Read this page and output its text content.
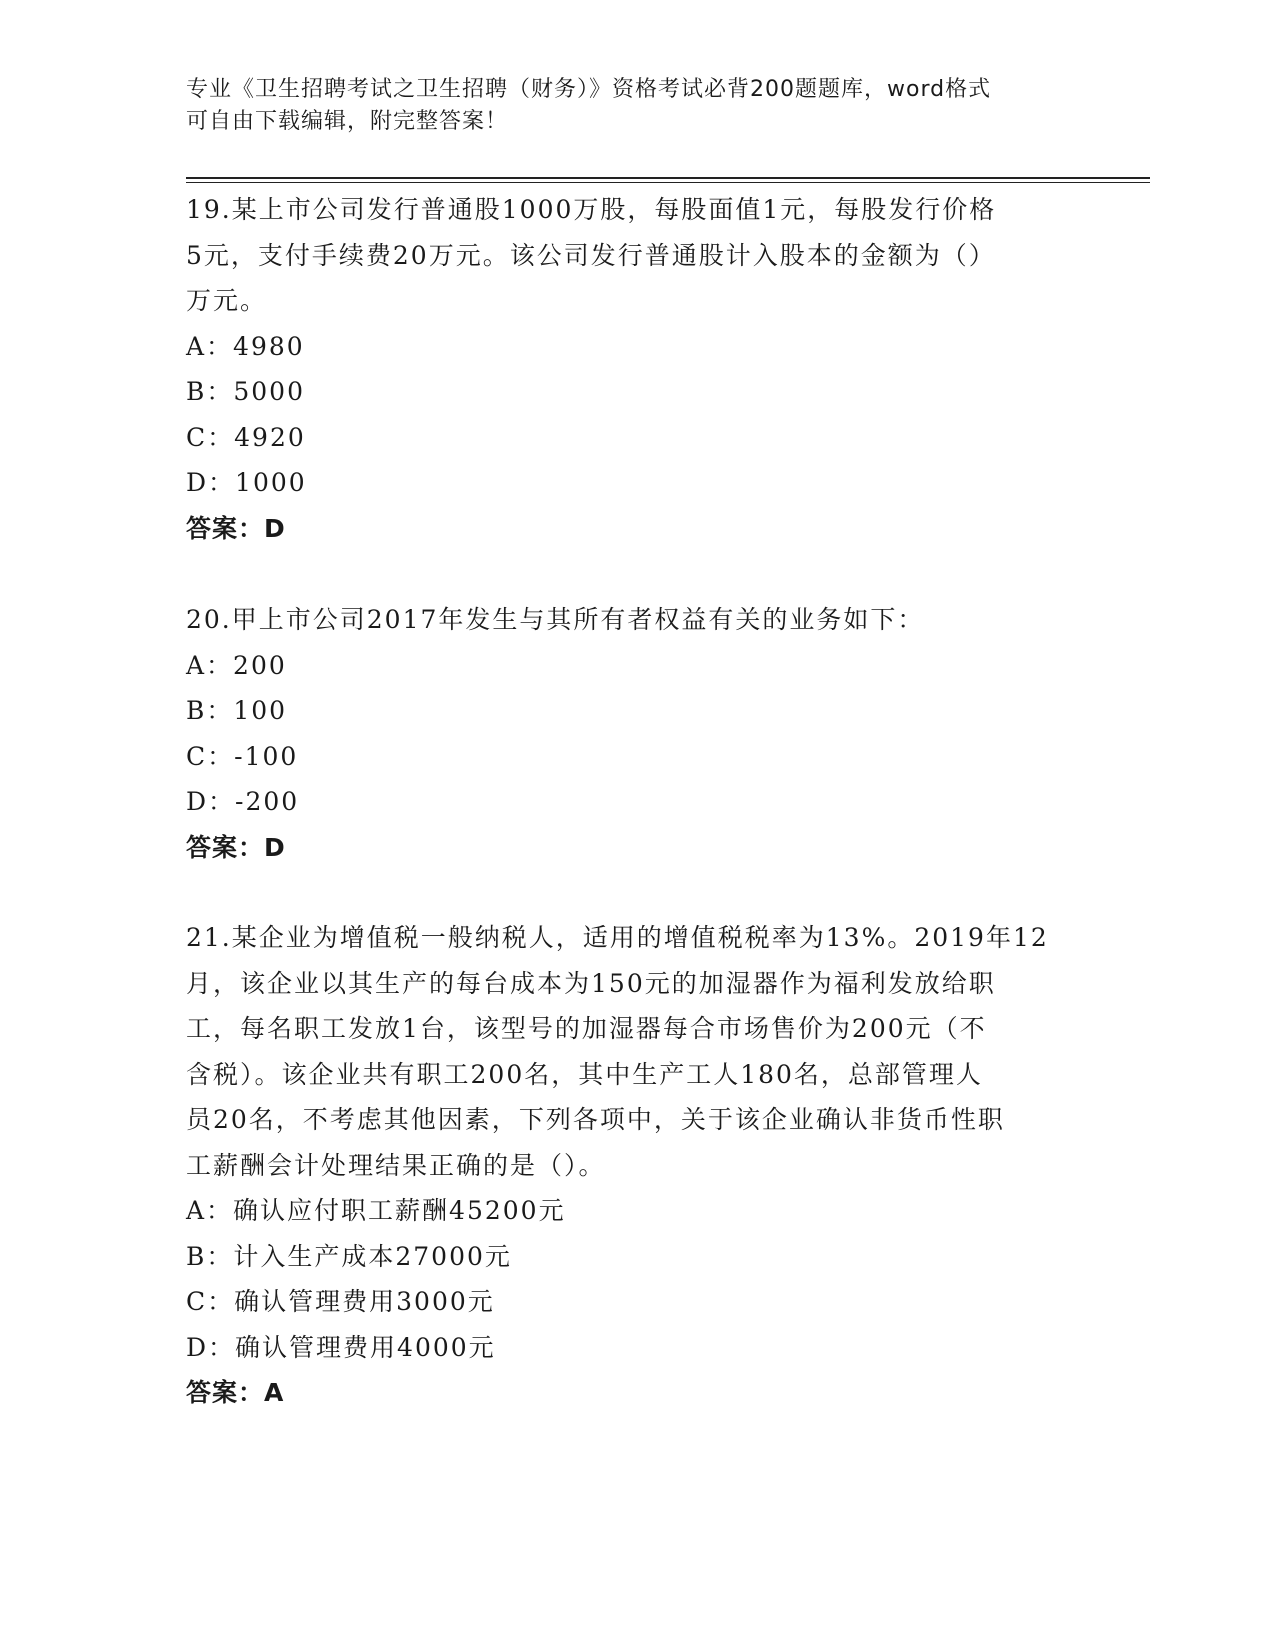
专业《卫生招聘考试之卫生招聘（财务）》资格考试必背200题题库，word格式
可自由下载编辑，附完整答案！
19.某上市公司发行普通股1000万股，每股面值1元，每股发行价格
5元，支付手续费20万元。该公司发行普通股计入股本的金额为（）
万元。
A：4980
B：5000
C：4920
D：1000
答案：D
20.甲上市公司2017年发生与其所有者权益有关的业务如下：
A：200
B：100
C：-100
D：-200
答案：D
21.某企业为增值税一般纳税人，适用的增值税税率为13%。2019年12
月，该企业以其生产的每台成本为150元的加湿器作为福利发放给职
工，每名职工发放1台，该型号的加湿器每合市场售价为200元（不
含税）。该企业共有职工200名，其中生产工人180名，总部管理人
员20名，不考虑其他因素，下列各项中，关于该企业确认非货币性职
工薪酬会计处理结果正确的是（）。
A：确认应付职工薪酬45200元
B：计入生产成本27000元
C：确认管理费用3000元
D：确认管理费用4000元
答案：A
